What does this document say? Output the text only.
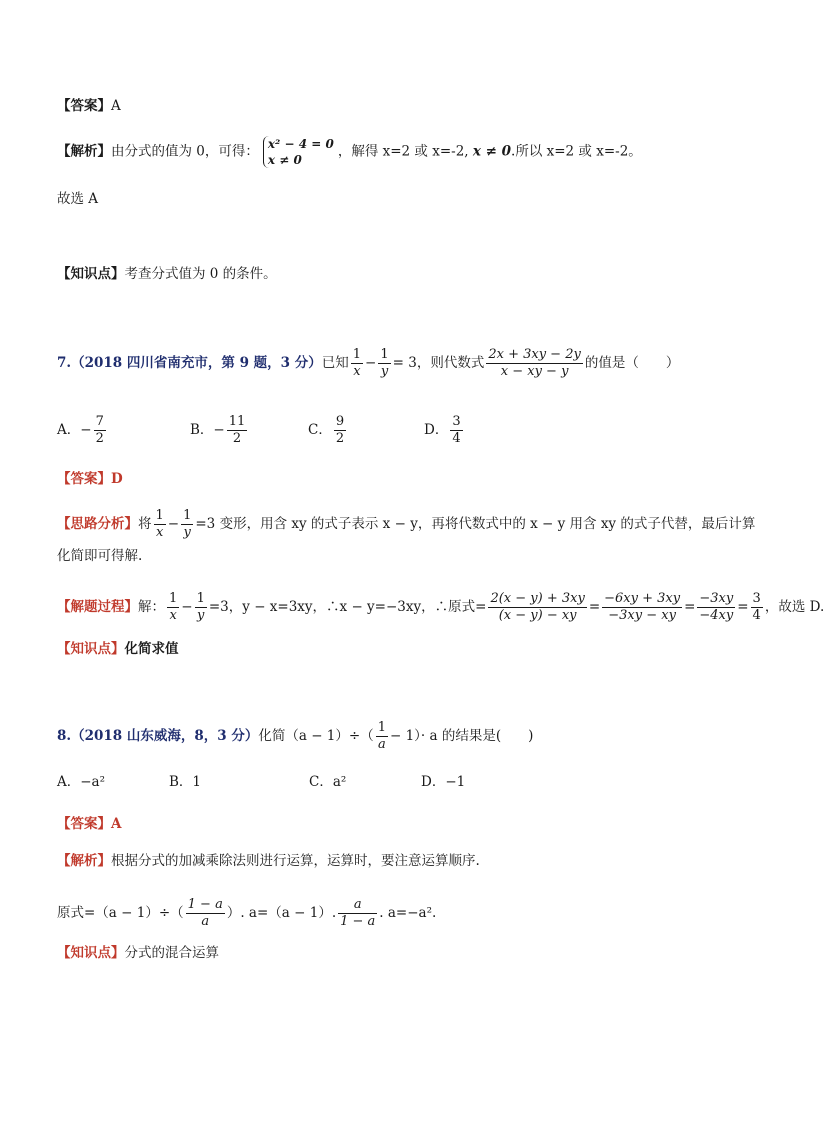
【答案】A
【解析】由分式的值为 0，可得： x² − 4 = 0
x ≠ 0
，解得 x=2 或 x=-2, x ≠ 0.所以 x=2 或 x=-2。
故选 A
【知识点】考查分式值为 0 的条件。
7.（2018 四川省南充市，第 9 题，3 分）已知 $\frac{1}{x} - \frac{1}{y} = 3$，则代数式 $\frac{2x + 3xy - 2y}{x - xy - y}$ 的值是（　　）
A．− $\frac{7}{2}$	B．− $\frac{11}{2}$	C． $\frac{9}{2}$	D． $\frac{3}{4}$
【答案】D
【思路分析】将 $\frac{1}{x} - \frac{1}{y} =3$ 变形，用含 xy 的式子表示 x − y，再将代数式中的 x − y 用含 xy 的式子代替，最后计算
化简即可得解.
【解题过程】解： $\frac{1}{x} - \frac{1}{y} =3$，y − x=3xy，∴x − y=−3xy，∴原式= $\frac{2(x - y) + 3xy}{(x - y) - xy} = \frac{-6xy + 3xy}{-3xy - xy} = \frac{-3xy}{-4xy} = \frac{3}{4}$ ，故选 D.
【知识点】化简求值
8.（2018 山东威海，8，3 分）化简$(a - 1)\div( \frac{1}{a} - 1)\cdot a$ 的结果是(　　)
A．−a²	B．1	C．a²	D．−1
【答案】A
【解析】根据分式的加减乘除法则进行运算，运算时，要注意运算顺序.
原式$=(a - 1)\div( \frac{1 - a}{a}$ ）. a=（a − 1）. $\frac{a}{1 - a}$ . a=−a².
【知识点】分式的混合运算
